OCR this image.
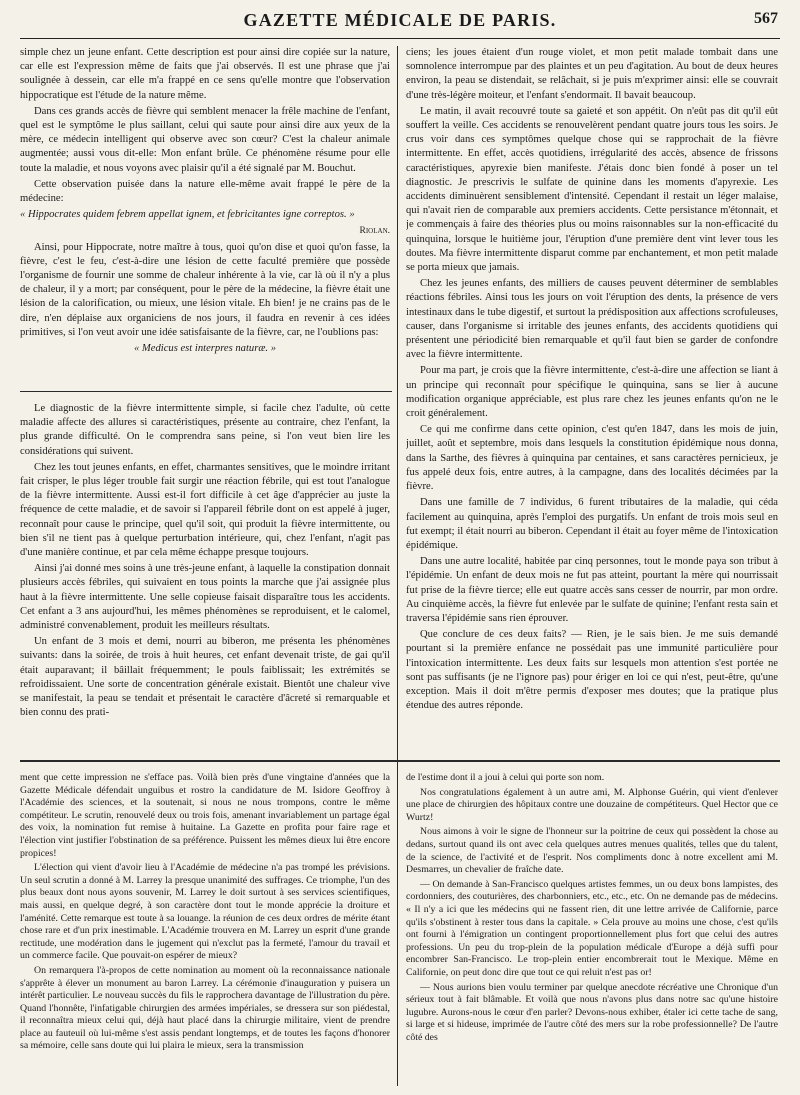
GAZETTE MÉDICALE DE PARIS.	567

simple chez un jeune enfant. Cette description est pour ainsi dire copiée sur la nature, car elle est l'expression même de faits que j'ai observés. Il est une phrase que j'ai soulignée à dessein, car elle m'a frappé en ce sens qu'elle montre que l'observation hippocratique est l'étude de la nature même.

Dans ces grands accès de fièvre qui semblent menacer la frêle machine de l'enfant, quel est le symptôme le plus saillant, celui qui saute pour ainsi dire aux yeux de la mère, ce médecin intelligent qui observe avec son cœur? C'est la chaleur animale augmentée; aussi vous dit-elle: Mon enfant brûle. Ce phénomène résume pour elle toute la maladie, et nous voyons avec plaisir qu'il a été signalé par M. Bouchut.

Cette observation puisée dans la nature elle-même avait frappé le père de la médecine:

« Hippocrates quidem febrem appellat ignem, et febricitantes igne correptos. »

Riolan.

Ainsi, pour Hippocrate, notre maître à tous, quoi qu'on dise et quoi qu'on fasse, la fièvre, c'est le feu, c'est-à-dire une lésion de cette faculté première que possède l'organisme de fournir une somme de chaleur inhérente à la vie, car là où il n'y a plus de chaleur, il y a mort; par conséquent, pour le père de la médecine, la fièvre était une lésion de la calorification, ou mieux, une lésion vitale. Eh bien! je ne crains pas de le dire, n'en déplaise aux organiciens de nos jours, il faudra en revenir à ces idées primitives, si l'on veut avoir une idée satisfaisante de la fièvre, car, ne l'oublions pas:

« Medicus est interpres naturæ. »

Le diagnostic de la fièvre intermittente simple, si facile chez l'adulte, où cette maladie affecte des allures si caractéristiques, présente au contraire, chez l'enfant, la plus grande difficulté. On le comprendra sans peine, si l'on veut bien lire les considérations qui suivent.

Chez les tout jeunes enfants, en effet, charmantes sensitives, que le moindre irritant fait crisper, le plus léger trouble fait surgir une réaction fébrile, qui est tout l'analogue de la fièvre intermittente. Aussi est-il fort difficile à cet âge d'apprécier au juste la fréquence de cette maladie, et de savoir si l'appareil fébrile dont on est appelé à juger, reconnaît pour cause le principe, quel qu'il soit, qui produit la fièvre intermittente, ou bien s'il ne tient pas à quelque perturbation intérieure, qui, chez l'enfant, n'agit pas d'une manière continue, et par cela même échappe presque toujours.

Ainsi j'ai donné mes soins à une très-jeune enfant, à laquelle la constipation donnait plusieurs accès fébriles, qui suivaient en tous points la marche que j'ai assignée plus haut à la fièvre intermittente. Une selle copieuse faisait disparaître tous les accidents. Cet enfant a 3 ans aujourd'hui, les mêmes phénomènes se reproduisent, et le calomel, administré convenablement, produit les meilleurs résultats.

Un enfant de 3 mois et demi, nourri au biberon, me présenta les phénomènes suivants: dans la soirée, de trois à huit heures, cet enfant devenait triste, de gai qu'il était auparavant; il bâillait fréquemment; le pouls faiblissait; les extrémités se refroidissaient. Une sorte de concentration générale existait. Bientôt une chaleur vive se manifestait, la peau se tendait et présentait le caractère d'âcreté si remarquable et bien connu des prati-

ciens; les joues étaient d'un rouge violet, et mon petit malade tombait dans une somnolence interrompue par des plaintes et un peu d'agitation. Au bout de deux heures environ, la peau se distendait, se relâchait, si je puis m'exprimer ainsi: elle se couvrait d'une très-légère moiteur, et l'enfant s'endormait. Il bavait beaucoup.

Le matin, il avait recouvré toute sa gaieté et son appétit. On n'eût pas dit qu'il eût souffert la veille. Ces accidents se renouvelèrent pendant quatre jours tous les soirs. Je crus voir dans ces symptômes quelque chose qui se rapprochait de la fièvre intermittente. En effet, accès quotidiens, irrégularité des accès, absence de frissons caractéristiques, apyrexie bien manifeste. J'étais donc bien fondé à poser un tel diagnostic. Je prescrivis le sulfate de quinine dans les moments d'apyrexie. Les accidents diminuèrent sensiblement d'intensité. Cependant il restait un léger malaise, qui n'avait rien de comparable aux premiers accidents. Cette persistance m'étonnait, et je commençais à faire des théories plus ou moins raisonnables sur la non-efficacité du quinquina, lorsque le huitième jour, l'éruption d'une première dent vint lever tous les doutes. Ma fièvre intermittente disparut comme par enchantement, et mon petit malade se porta mieux que jamais.

Chez les jeunes enfants, des milliers de causes peuvent déterminer de semblables réactions fébriles. Ainsi tous les jours on voit l'éruption des dents, la présence de vers intestinaux dans le tube digestif, et surtout la prédisposition aux affections scrofuleuses, causer, dans l'organisme si irritable des jeunes enfants, des accidents quotidiens qui présentent une périodicité bien remarquable et qu'il faut bien se garder de confondre avec la fièvre intermittente.

Pour ma part, je crois que la fièvre intermittente, c'est-à-dire une affection se liant à un principe qui reconnaît pour spécifique le quinquina, sans se lier à aucune modification organique appréciable, est plus rare chez les jeunes enfants qu'on ne le croit généralement.

Ce qui me confirme dans cette opinion, c'est qu'en 1847, dans les mois de juin, juillet, août et septembre, mois dans lesquels la constitution épidémique nous donna, dans la Sarthe, des fièvres à quinquina par centaines, et sans caractères pernicieux, je fus appelé deux fois, entre autres, à la campagne, dans des localités décimées par la fièvre.

Dans une famille de 7 individus, 6 furent tributaires de la maladie, qui céda facilement au quinquina, après l'emploi des purgatifs. Un enfant de trois mois seul en fut exempt; il était nourri au biberon. Cependant il était au foyer même de l'intoxication épidémique.

Dans une autre localité, habitée par cinq personnes, tout le monde paya son tribut à l'épidémie. Un enfant de deux mois ne fut pas atteint, pourtant la mère qui nourrissait fut prise de la fièvre tierce; elle eut quatre accès sans cesser de nourrir, par mon ordre. Au cinquième accès, la fièvre fut enlevée par le sulfate de quinine; l'enfant resta sain et traversa l'épidémie sans rien éprouver.

Que conclure de ces deux faits? — Rien, je le sais bien. Je me suis demandé pourtant si la première enfance ne possédait pas une immunité particulière pour l'intoxication intermittente. Les deux faits sur lesquels mon attention s'est portée ne sont pas suffisants (je ne l'ignore pas) pour ériger en loi ce qui n'est, peut-être, qu'une exception. Mais il doit m'être permis d'exposer mes doutes; que la pratique plus étendue des autres réponde.

ment que cette impression ne s'efface pas. Voilà bien près d'une vingtaine d'années que la Gazette Médicale défendait unguibus et rostro la candidature de M. Isidore Geoffroy à l'Académie des sciences, et la soutenait, si nous ne nous trompons, contre le même compétiteur. Le scrutin, renouvelé deux ou trois fois, amenant invariablement un partage égal des voix, la nomination fut remise à huitaine. La Gazette en profita pour faire rage et l'élection vint justifier l'obstination de sa préférence. Puissent les mêmes dieux lui être encore propices!

L'élection qui vient d'avoir lieu à l'Académie de médecine n'a pas trompé les prévisions. Un seul scrutin a donné à M. Larrey la presque unanimité des suffrages. Ce triomphe, l'un des plus beaux dont nous ayons souvenir, M. Larrey le doit surtout à ses services scientifiques, mais aussi, en quelque degré, à son caractère dont tout le monde apprécie la droiture et l'aménité. Cette remarque est toute à sa louange. la réunion de ces deux ordres de mérite étant chose rare et d'un prix inestimable. L'Académie trouvera en M. Larrey un esprit d'une grande rectitude, une modération dans le jugement qui n'exclut pas la fermeté, l'amour du travail et un commerce facile. Que pouvait-on espérer de mieux?

On remarquera l'à-propos de cette nomination au moment où la reconnaissance nationale s'apprête à élever un monument au baron Larrey. La cérémonie d'inauguration y puisera un intérêt particulier. Le nouveau succès du fils le rapprochera davantage de l'illustration du père. Quand l'honnête, l'infatigable chirurgien des armées impériales, se dressera sur son piédestal, il reconnaîtra mieux celui qui, déjà haut placé dans la chirurgie militaire, vient de prendre place au fauteuil où lui-même s'est assis pendant longtemps, et de toutes les façons d'honorer sa mémoire, celle sans doute qui lui plaira le mieux, sera la transmission

de l'estime dont il a joui à celui qui porte son nom.

Nos congratulations également à un autre ami, M. Alphonse Guérin, qui vient d'enlever une place de chirurgien des hôpitaux contre une douzaine de compétiteurs. Quel Hector que ce Wurtz!

Nous aimons à voir le signe de l'honneur sur la poitrine de ceux qui possèdent la chose au dedans, surtout quand ils ont avec cela quelques autres menues qualités, telles que du talent, de la science, de l'activité et de l'esprit. Nos compliments donc à notre excellent ami M. Desmarres, un chevalier de fraîche date.

— On demande à San-Francisco quelques artistes femmes, un ou deux bons lampistes, des cordonniers, des couturières, des charbonniers, etc., etc., etc. On ne demande pas de médecins. « Il n'y a ici que les médecins qui ne fassent rien, dit une lettre arrivée de Californie, parce qu'ils s'obstinent à rester tous dans la capitale. » Cela prouve au moins une chose, c'est qu'ils ont fourni à l'émigration un contingent proportionnellement plus fort que celui des autres professions. Un peu du trop-plein de la population médicale d'Europe a déjà suffi pour encombrer San-Francisco. Le trop-plein entier encombrerait tout le Mexique. Même en Californie, on peut donc dire que tout ce qui reluit n'est pas or!

— Nous aurions bien voulu terminer par quelque anecdote récréative une Chronique d'un sérieux tout à fait blâmable. Et voilà que nous n'avons plus dans notre sac qu'une histoire lugubre. Aurons-nous le cœur d'en parler? Devons-nous exhiber, étaler ici cette tache de sang, si large et si hideuse, imprimée de l'autre côté des mers sur la robe professionnelle? De l'autre côté des
